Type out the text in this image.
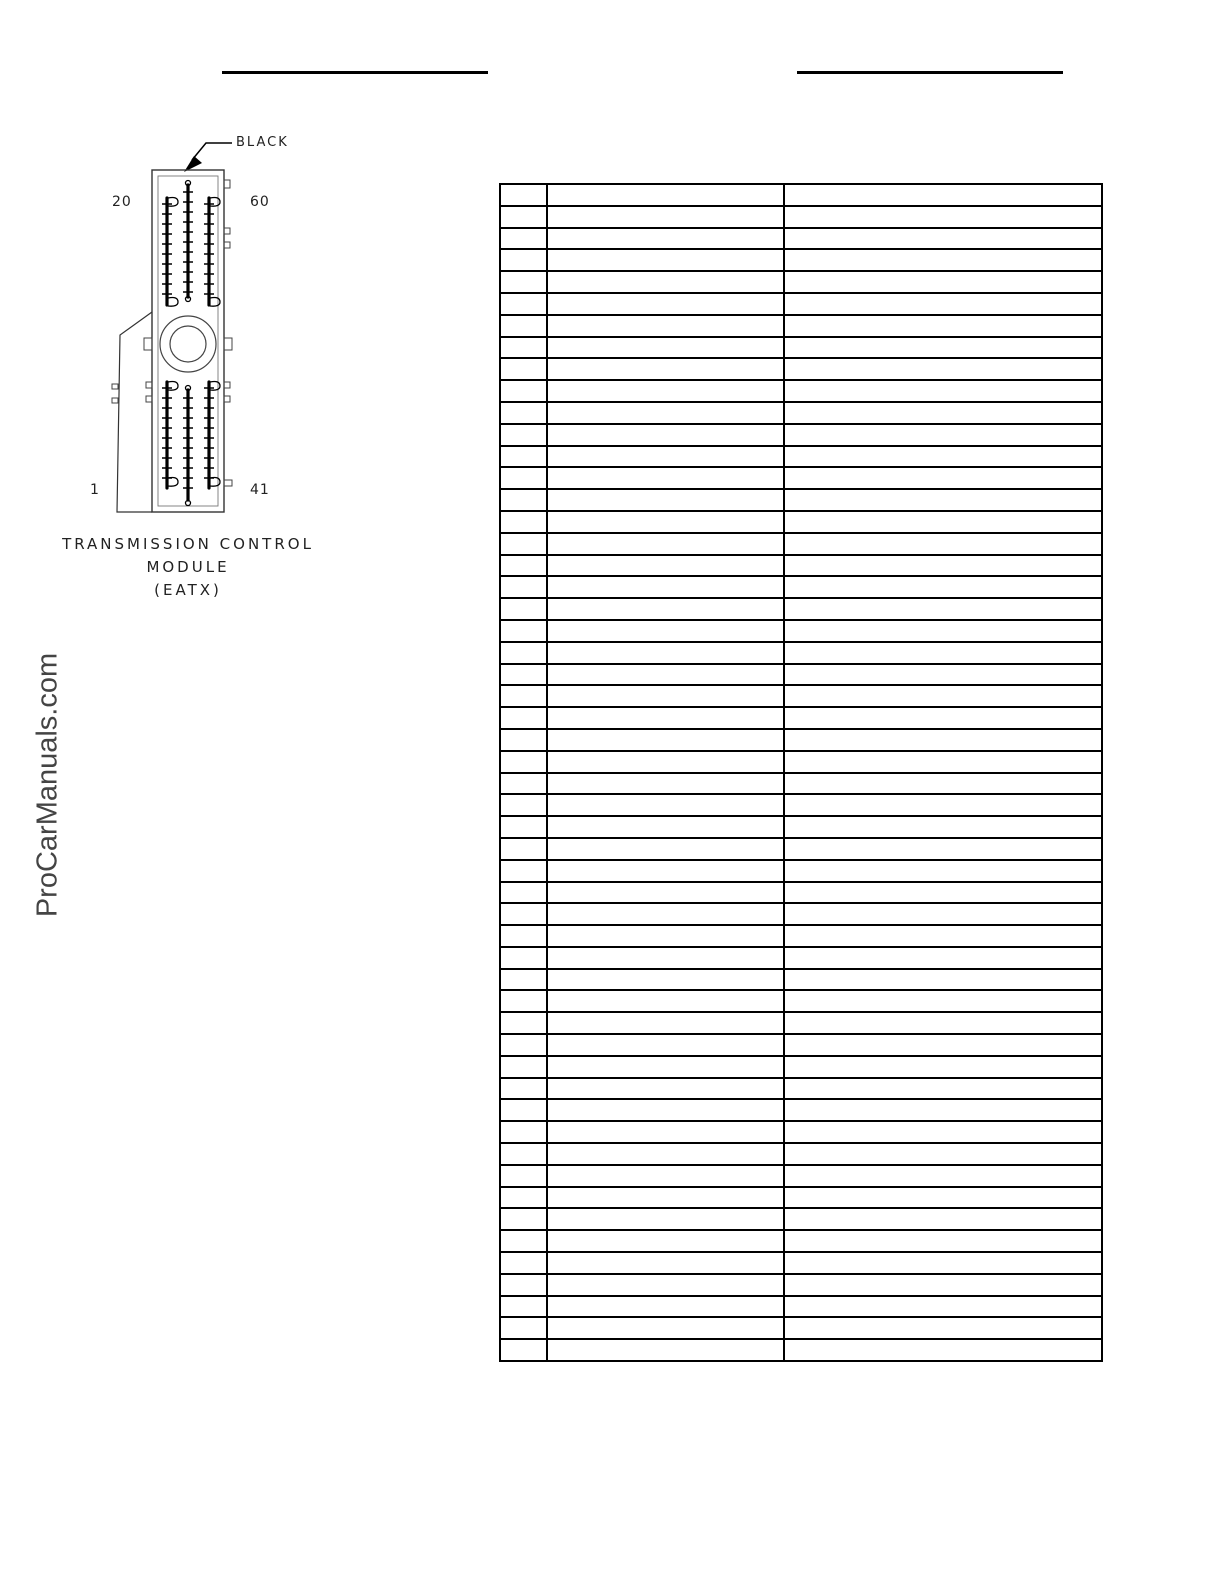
BLACK
20	60
1	41
TRANSMISSION CONTROL
MODULE
(EATX)
ProCarManuals.com
